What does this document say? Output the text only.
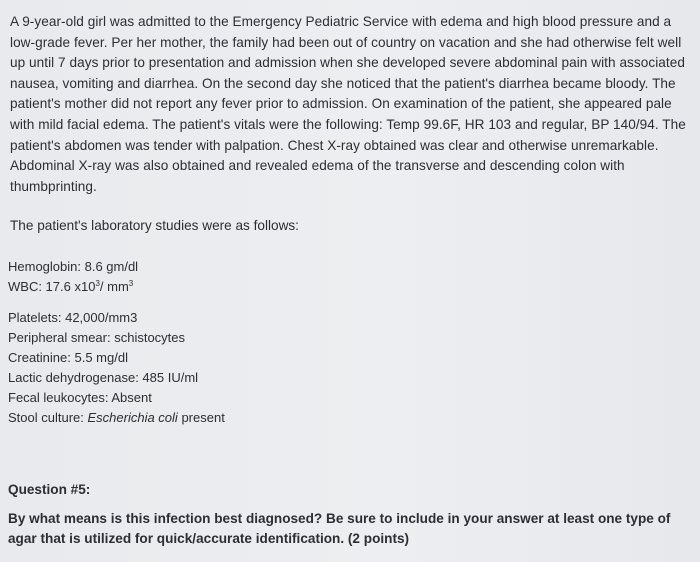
A 9-year-old girl was admitted to the Emergency Pediatric Service with edema and high blood pressure and a low-grade fever. Per her mother, the family had been out of country on vacation and she had otherwise felt well up until 7 days prior to presentation and admission when she developed severe abdominal pain with associated nausea, vomiting and diarrhea. On the second day she noticed that the patient's diarrhea became bloody. The patient's mother did not report any fever prior to admission. On examination of the patient, she appeared pale with mild facial edema. The patient's vitals were the following: Temp 99.6F, HR 103 and regular, BP 140/94. The patient's abdomen was tender with palpation. Chest X-ray obtained was clear and otherwise unremarkable. Abdominal X-ray was also obtained and revealed edema of the transverse and descending colon with thumbprinting.

The patient's laboratory studies were as follows:
Hemoglobin: 8.6 gm/dl
WBC: 17.6 $x10^3/$ $mm^3$
Platelets: 42,000/mm3
Peripheral smear: schistocytes
Creatinine: 5.5 mg/dl
Lactic dehydrogenase: 485 IU/ml
Fecal leukocytes: Absent
Stool culture: Escherichia coli present
Question #5:
By what means is this infection best diagnosed? Be sure to include in your answer at least one type of agar that is utilized for quick/accurate identification. (2 points)
